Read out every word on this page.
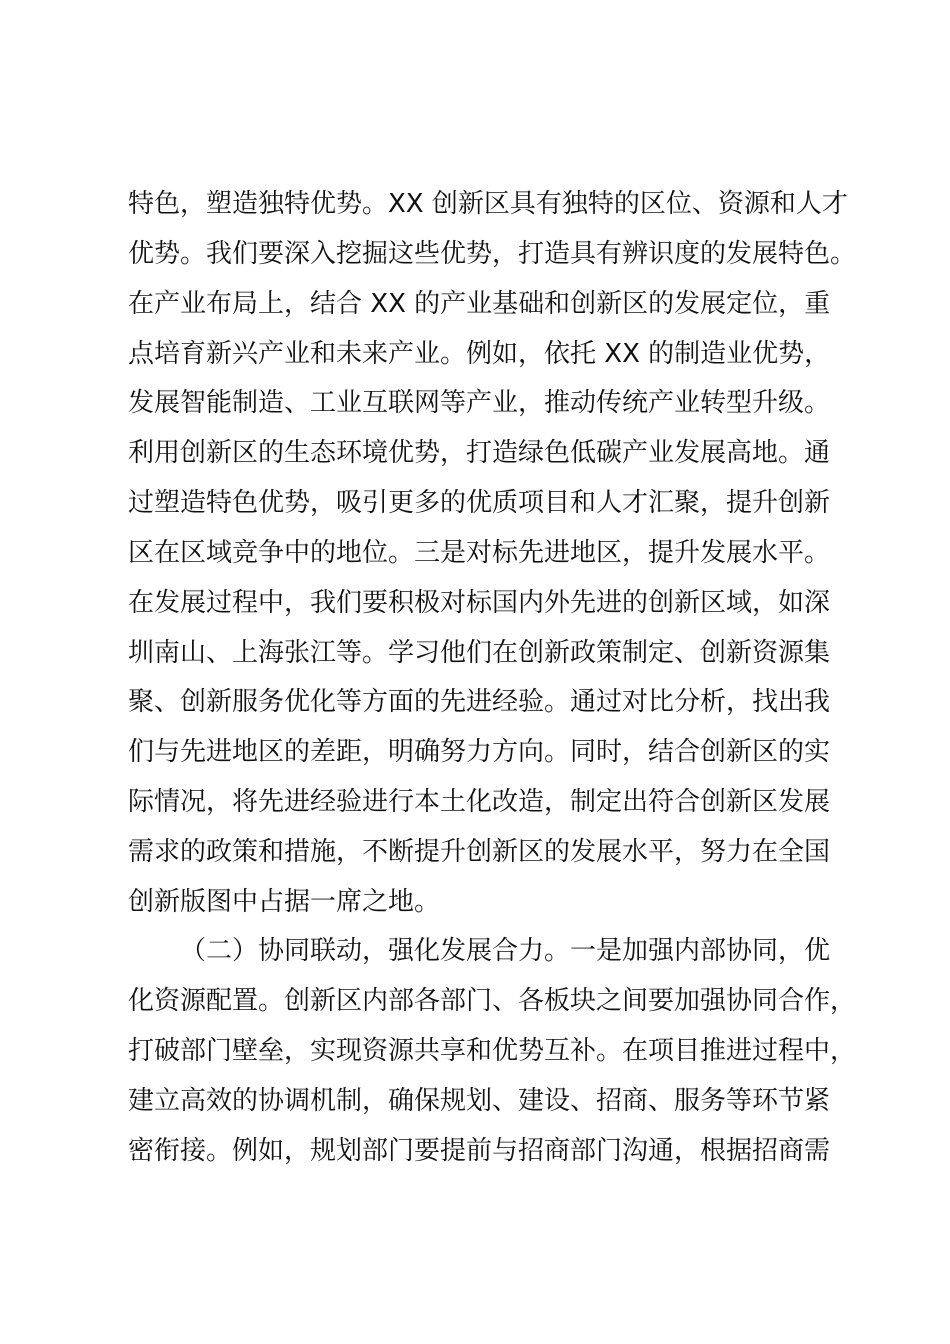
特色，塑造独特优势。XX 创新区具有独特的区位、资源和人才
优势。我们要深入挖掘这些优势，打造具有辨识度的发展特色。
在产业布局上，结合 XX 的产业基础和创新区的发展定位，重
点培育新兴产业和未来产业。例如，依托 XX 的制造业优势，
发展智能制造、工业互联网等产业，推动传统产业转型升级。
利用创新区的生态环境优势，打造绿色低碳产业发展高地。通
过塑造特色优势，吸引更多的优质项目和人才汇聚，提升创新
区在区域竞争中的地位。三是对标先进地区，提升发展水平。
在发展过程中，我们要积极对标国内外先进的创新区域，如深
圳南山、上海张江等。学习他们在创新政策制定、创新资源集
聚、创新服务优化等方面的先进经验。通过对比分析，找出我
们与先进地区的差距，明确努力方向。同时，结合创新区的实
际情况，将先进经验进行本土化改造，制定出符合创新区发展
需求的政策和措施，不断提升创新区的发展水平，努力在全国
创新版图中占据一席之地。
（二）协同联动，强化发展合力。一是加强内部协同，优
化资源配置。创新区内部各部门、各板块之间要加强协同合作，
打破部门壁垒，实现资源共享和优势互补。在项目推进过程中，
建立高效的协调机制，确保规划、建设、招商、服务等环节紧
密衔接。例如，规划部门要提前与招商部门沟通，根据招商需
